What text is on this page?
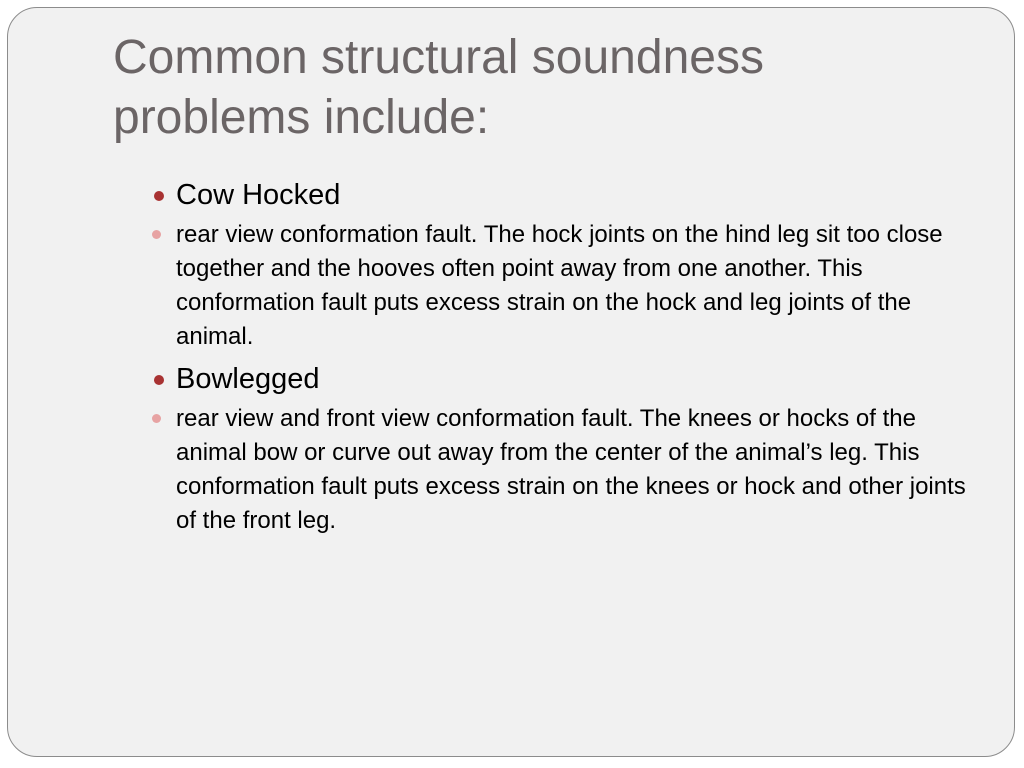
Common structural soundness problems include:
Cow Hocked
rear view conformation fault. The hock joints on the hind leg sit too close together and the hooves often point away from one another. This conformation fault puts excess strain on the hock and leg joints of the animal.
Bowlegged
rear view and front view conformation fault. The knees or hocks of the animal bow or curve out away from the center of the animal’s leg. This conformation fault puts excess strain on the knees or hock and other joints of the front leg.
